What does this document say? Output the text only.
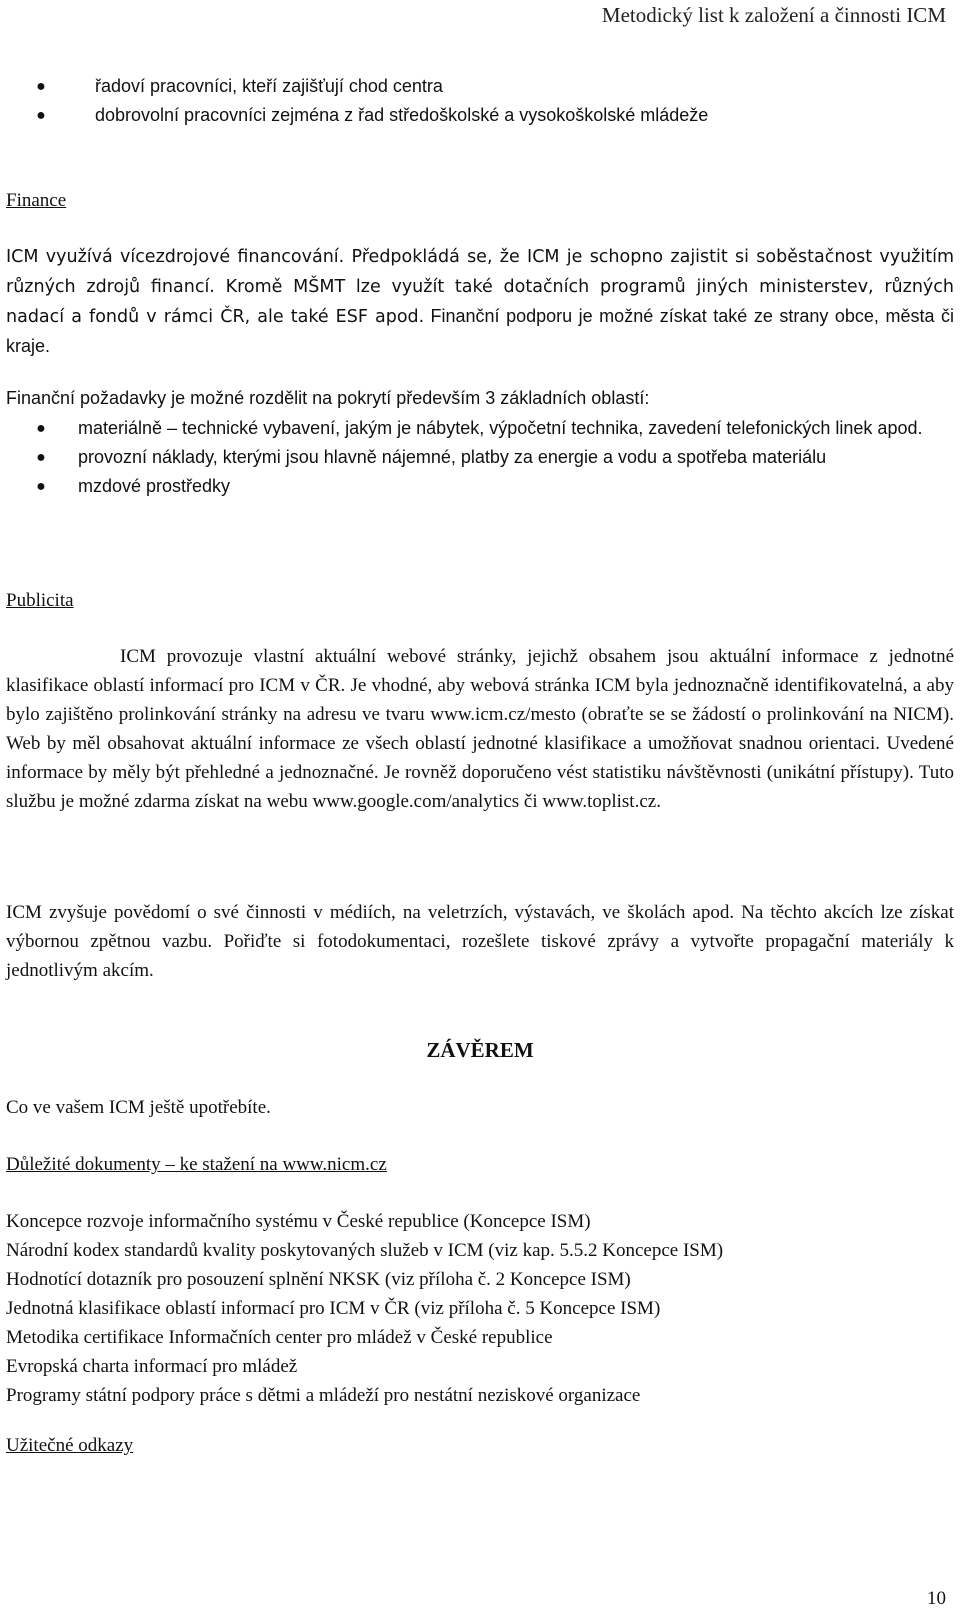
Metodický list k založení a činnosti ICM
●	řadoví pracovníci, kteří zajišťují chod centra
●	dobrovolní pracovníci zejména z řad středoškolské a vysokoškolské mládeže
Finance
ICM využívá vícezdrojové financování. Předpokládá se, že ICM je schopno zajistit si soběstačnost využitím různých zdrojů financí. Kromě MŠMT lze využít také dotačních programů jiných ministerstev, různých nadací a fondů v rámci ČR, ale také ESF apod. Finanční podporu je možné získat také ze strany obce, města či kraje.
Finanční požadavky je možné rozdělit na pokrytí především 3 základních oblastí:
● materiálně – technické vybavení, jakým je nábytek, výpočetní technika, zavedení telefonických linek apod.
● provozní náklady, kterými jsou hlavně nájemné, platby za energie a vodu a spotřeba materiálu
● mzdové prostředky
Publicita
ICM provozuje vlastní aktuální webové stránky, jejichž obsahem jsou aktuální informace z jednotné klasifikace oblastí informací pro ICM v ČR. Je vhodné, aby webová stránka ICM byla jednoznačně identifikovatelná, a aby bylo zajištěno prolinkování stránky na adresu ve tvaru www.icm.cz/mesto (obraťte se se žádostí o prolinkování na NICM). Web by měl obsahovat aktuální informace ze všech oblastí jednotné klasifikace a umožňovat snadnou orientaci. Uvedené informace by měly být přehledné a jednoznačné. Je rovněž doporučeno vést statistiku návštěvnosti (unikátní přístupy). Tuto službu je možné zdarma získat na webu www.google.com/analytics či www.toplist.cz.
ICM zvyšuje povědomí o své činnosti v médiích, na veletrzích, výstavách, ve školách apod. Na těchto akcích lze získat výbornou zpětnou vazbu. Pořiďte si fotodokumentaci, rozešlete tiskové zprávy a vytvořte propagační materiály k jednotlivým akcím.
ZÁVĚREM
Co ve vašem ICM ještě upotřebíte.
Důležité dokumenty – ke stažení na www.nicm.cz
Koncepce rozvoje informačního systému v České republice (Koncepce ISM)
Národní kodex standardů kvality poskytovaných služeb v ICM (viz kap. 5.5.2 Koncepce ISM)
Hodnotící dotazník pro posouzení splnění NKSK (viz příloha č. 2 Koncepce ISM)
Jednotná klasifikace oblastí informací pro ICM v ČR (viz příloha č. 5 Koncepce ISM)
Metodika certifikace Informačních center pro mládež v České republice
Evropská charta informací pro mládež
Programy státní podpory práce s dětmi a mládeží pro nestátní neziskové organizace
Užitečné odkazy
10
